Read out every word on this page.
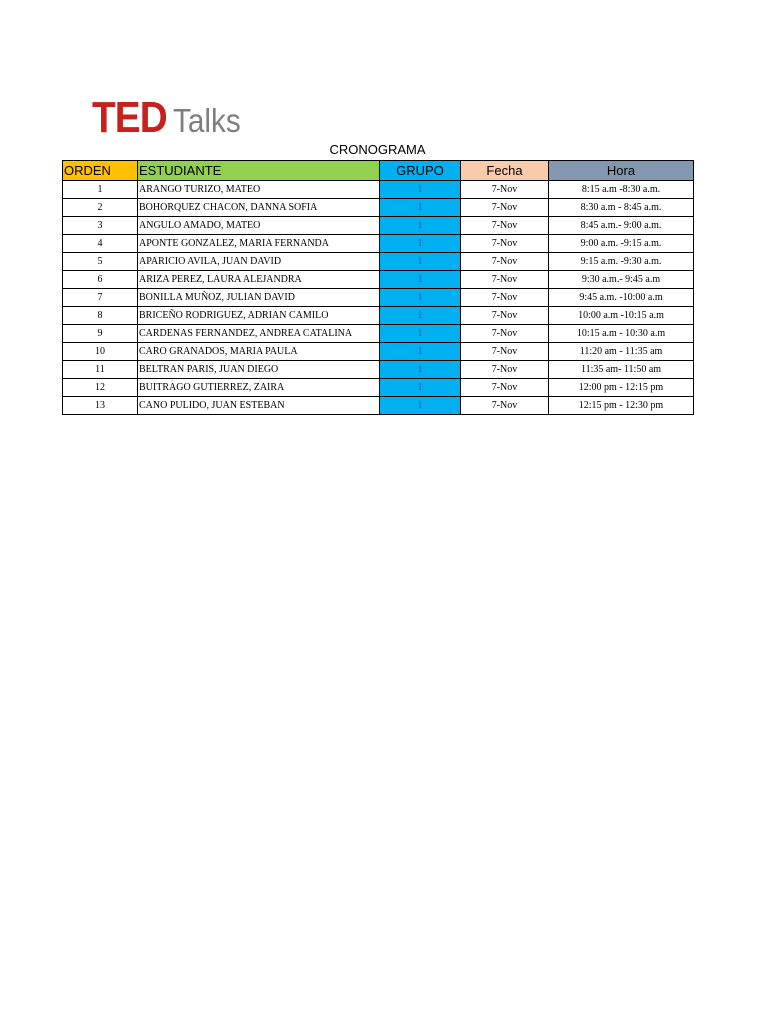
TED Talks
CRONOGRAMA
ORDEN	ESTUDIANTE	GRUPO	Fecha	Hora
1	ARANGO TURIZO, MATEO	1	7-Nov	8:15 a.m -8:30 a.m.
2	BOHORQUEZ CHACON, DANNA SOFIA	1	7-Nov	8:30 a.m - 8:45 a.m.
3	ANGULO AMADO, MATEO	1	7-Nov	8:45 a.m.- 9:00 a.m.
4	APONTE GONZALEZ, MARIA FERNANDA	1	7-Nov	9:00 a.m. -9:15 a.m.
5	APARICIO AVILA, JUAN DAVID	1	7-Nov	9:15 a.m. -9:30 a.m.
6	ARIZA PEREZ, LAURA ALEJANDRA	1	7-Nov	9:30 a.m.- 9:45 a.m
7	BONILLA MUÑOZ, JULIAN DAVID	1	7-Nov	9:45 a.m. -10:00 a.m
8	BRICEÑO RODRIGUEZ, ADRIAN CAMILO	1	7-Nov	10:00 a.m -10:15 a.m
9	CARDENAS FERNANDEZ, ANDREA CATALINA	1	7-Nov	10:15 a.m - 10:30 a.m
10	CARO GRANADOS, MARIA PAULA	1	7-Nov	11:20 am - 11:35 am
11	BELTRAN PARIS, JUAN DIEGO	1	7-Nov	11:35 am- 11:50 am
12	BUITRAGO GUTIERREZ, ZAIRA	1	7-Nov	12:00 pm - 12:15 pm
13	CANO PULIDO, JUAN ESTEBAN	1	7-Nov	12:15 pm - 12:30 pm
